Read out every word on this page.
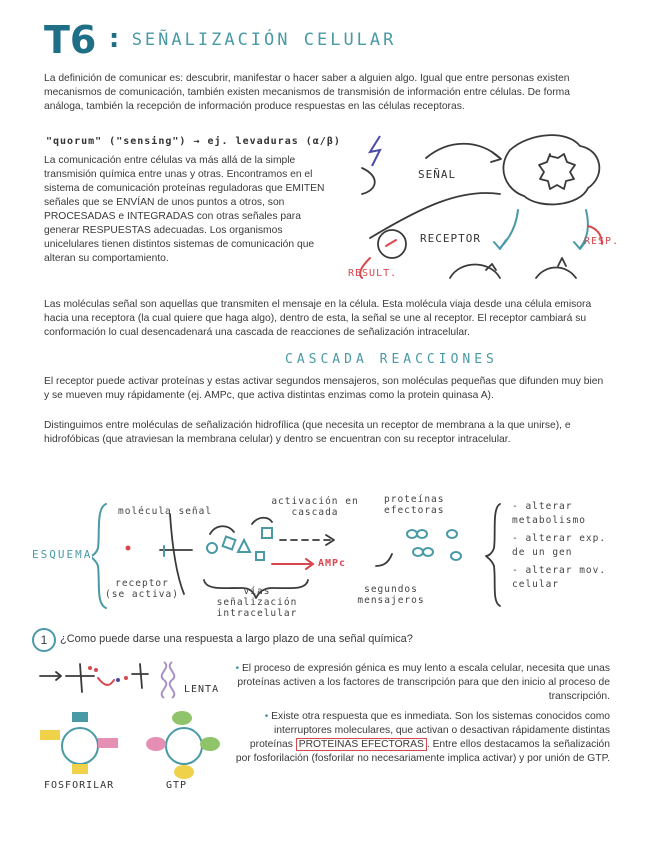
T6 : SEÑALIZACIÓN CELULAR

La definición de comunicar es: descubrir, manifestar o hacer saber a alguien algo. Igual que entre personas existen mecanismos de comunicación, también existen mecanismos de transmisión de información entre células. De forma análoga, también la recepción de información produce respuestas en las células receptoras.

"quorum" ("sensing") → ej. levaduras (α/β)

La comunicación entre células va más allá de la simple transmisión química entre unas y otras. Encontramos en el sistema de comunicación proteínas reguladoras que EMITEN señales que se ENVÍAN de unos puntos a otros, son PROCESADAS e INTEGRADAS con otras señales para generar RESPUESTAS adecuadas. Los organismos unicelulares tienen distintos sistemas de comunicación que alteran su comportamiento.

SEÑAL
RECEPTOR
RESULT.
RESP.

Las moléculas señal son aquellas que transmiten el mensaje en la célula. Esta molécula viaja desde una célula emisora hacia una receptora (la cual quiere que haga algo), dentro de esta, la señal se une al receptor. El receptor cambiará su conformación lo cual desencadenará una cascada de reacciones de señalización intracelular.

CASCADA REACCIONES

El receptor puede activar proteínas y estas activar segundos mensajeros, son moléculas pequeñas que difunden muy bien y se mueven muy rápidamente (ej. AMPc, que activa distintas enzimas como la protein quinasa A).

Distinguimos entre moléculas de señalización hidrofílica (que necesita un receptor de membrana a la que unirse), e hidrofóbicas (que atraviesan la membrana celular) y dentro se encuentran con su receptor intracelular.

ESQUEMA
molécula señal
activación en cascada
proteínas efectoras
receptor (se activa)	vías señalización intracelular
AMPc
segundos mensajeros
- alterar metabolismo
- alterar exp. de un gen
- alterar mov. celular
1	¿Como puede darse una respuesta a largo plazo de una señal química?
LENTA
FOSFORILAR	GTP

• El proceso de expresión génica es muy lento a escala celular, necesita que unas proteínas activen a los factores de transcripción para que den inicio al proceso de transcripción.

• Existe otra respuesta que es inmediata. Son los sistemas conocidos como interruptores moleculares, que activan o desactivan rápidamente distintas proteínas PROTEINAS EFECTORAS . Entre ellos destacamos la señalización por fosforilación (fosforilar no necesariamente implica activar) y por unión de GTP.
